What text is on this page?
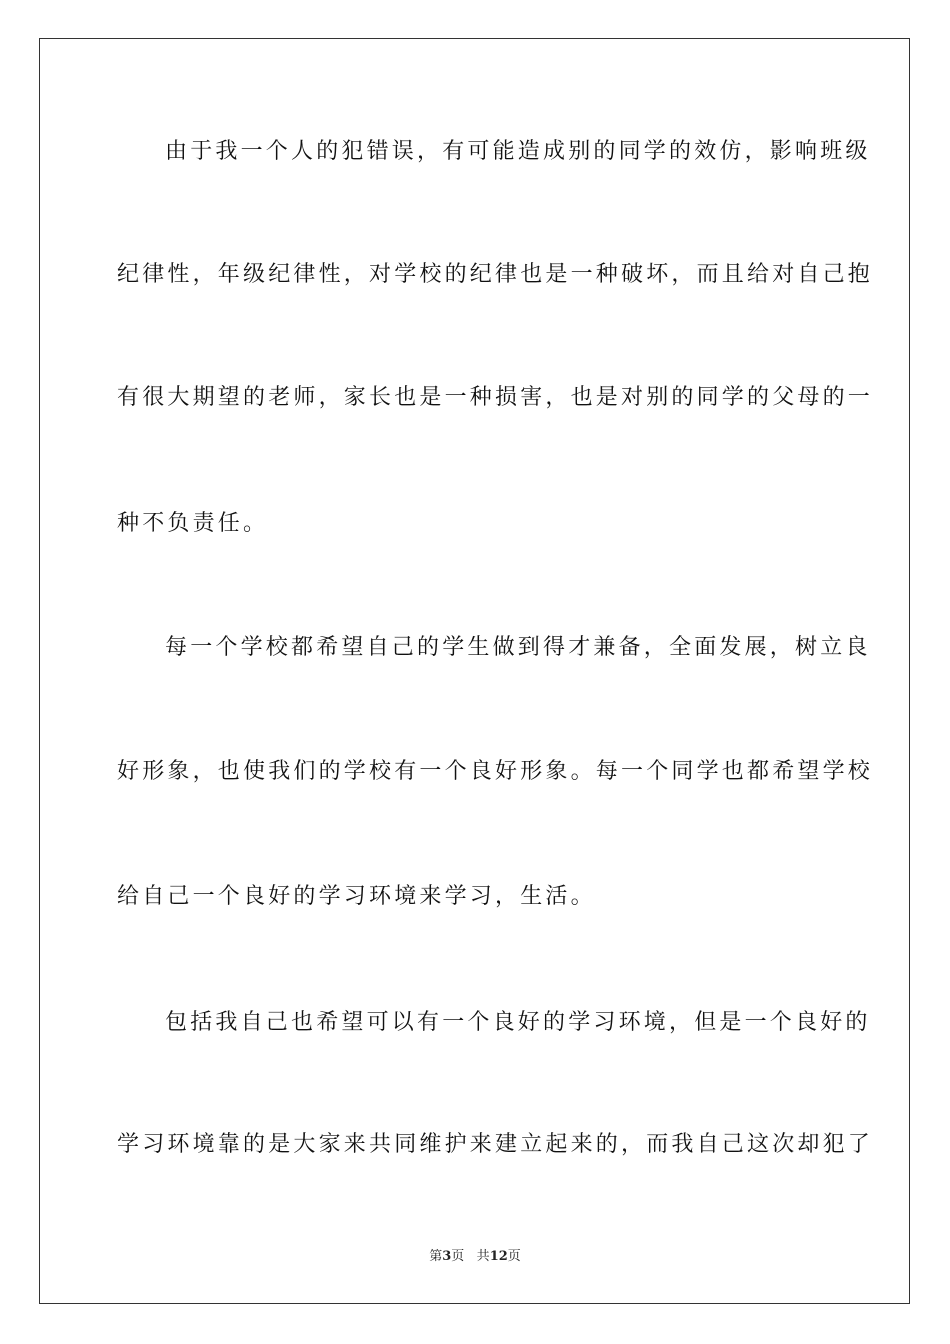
由于我一个人的犯错误，有可能造成别的同学的效仿，影响班级
纪律性，年级纪律性，对学校的纪律也是一种破坏，而且给对自己抱
有很大期望的老师，家长也是一种损害，也是对别的同学的父母的一
种不负责任。
每一个学校都希望自己的学生做到得才兼备，全面发展，树立良
好形象，也使我们的学校有一个良好形象。每一个同学也都希望学校
给自己一个良好的学习环境来学习，生活。
包括我自己也希望可以有一个良好的学习环境，但是一个良好的
学习环境靠的是大家来共同维护来建立起来的，而我自己这次却犯了
第3页 共12页
